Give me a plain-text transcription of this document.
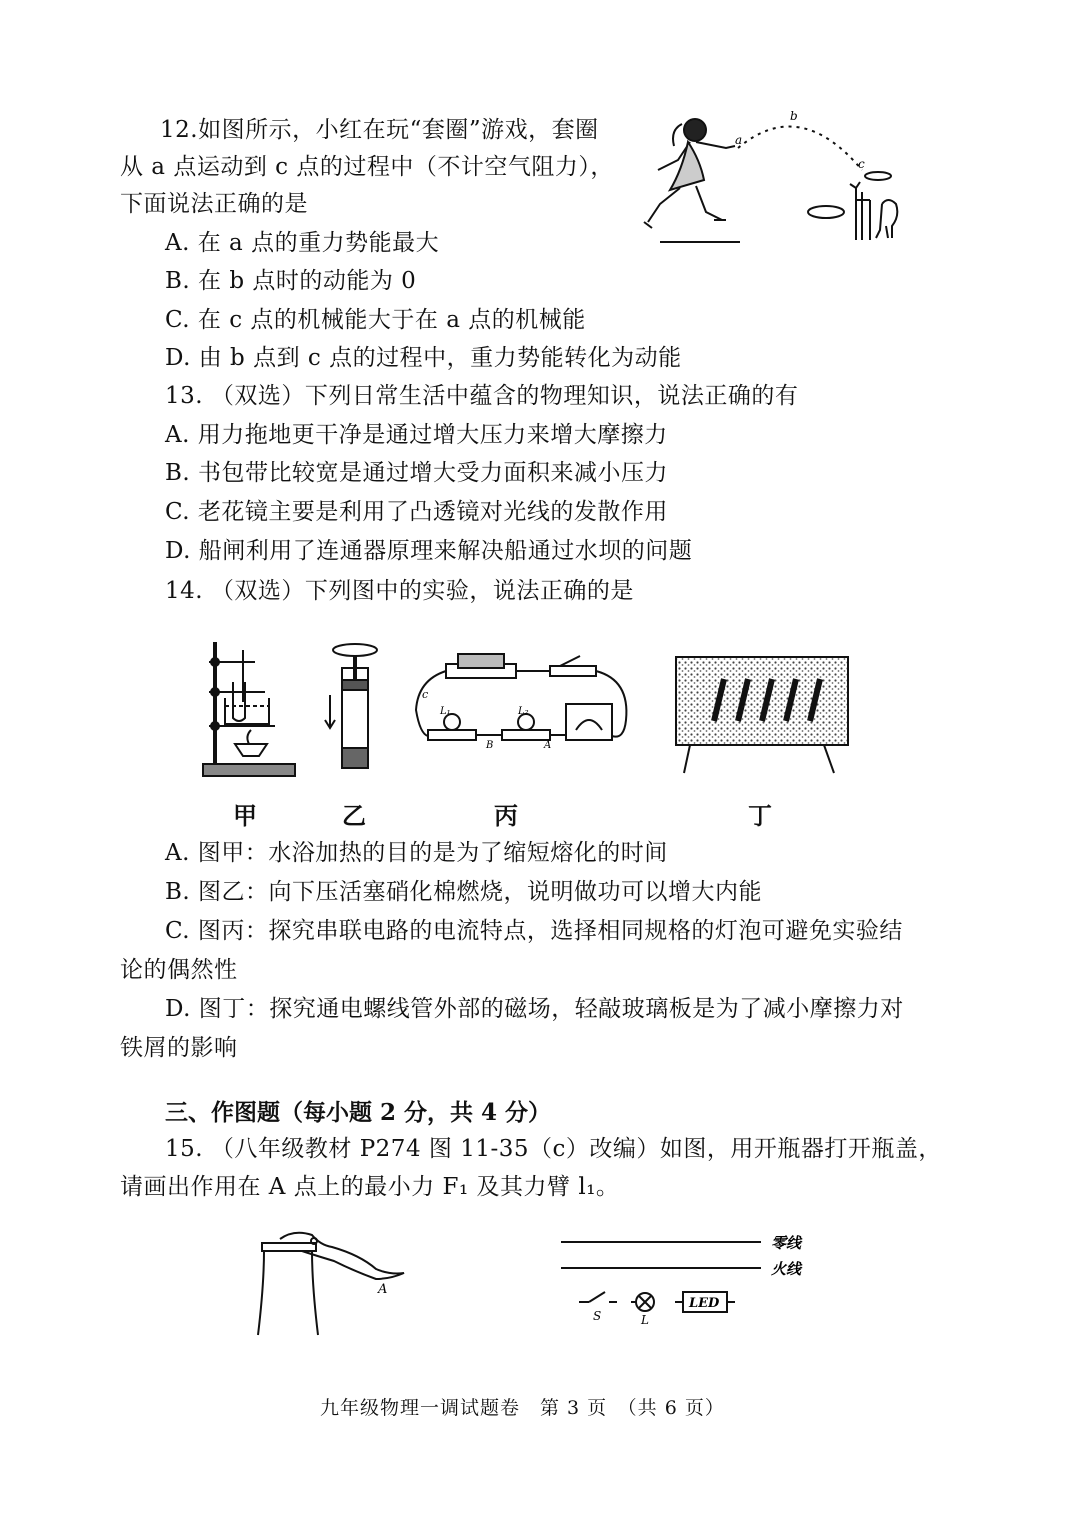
12.如图所示，小红在玩“套圈”游戏，套圈
从 a 点运动到 c 点的过程中（不计空气阻力），
下面说法正确的是
A. 在 a 点的重力势能最大
B. 在 b 点时的动能为 0
C. 在 c 点的机械能大于在 a 点的机械能
D. 由 b 点到 c 点的过程中，重力势能转化为动能
a
b
c
13. （双选）下列日常生活中蕴含的物理知识，说法正确的有
A. 用力拖地更干净是通过增大压力来增大摩擦力
B. 书包带比较宽是通过增大受力面积来减小压力
C. 老花镜主要是利用了凸透镜对光线的发散作用
D. 船闸利用了连通器原理来解决船通过水坝的问题
14. （双选）下列图中的实验，说法正确的是
c
L₁	L₂
B	A
甲	乙	丙	丁
A. 图甲：水浴加热的目的是为了缩短熔化的时间
B. 图乙：向下压活塞硝化棉燃烧，说明做功可以增大内能
C. 图丙：探究串联电路的电流特点，选择相同规格的灯泡可避免实验结
论的偶然性
D. 图丁：探究通电螺线管外部的磁场，轻敲玻璃板是为了减小摩擦力对
铁屑的影响
三、作图题（每小题 2 分，共 4 分）
15. （八年级教材 P274 图 11-35（c）改编）如图，用开瓶器打开瓶盖，
请画出作用在 A 点上的最小力 F₁ 及其力臂 l₁。
A
零线
火线
S	L
LED
九年级物理一调试题卷　第 3 页　（共 6 页）
